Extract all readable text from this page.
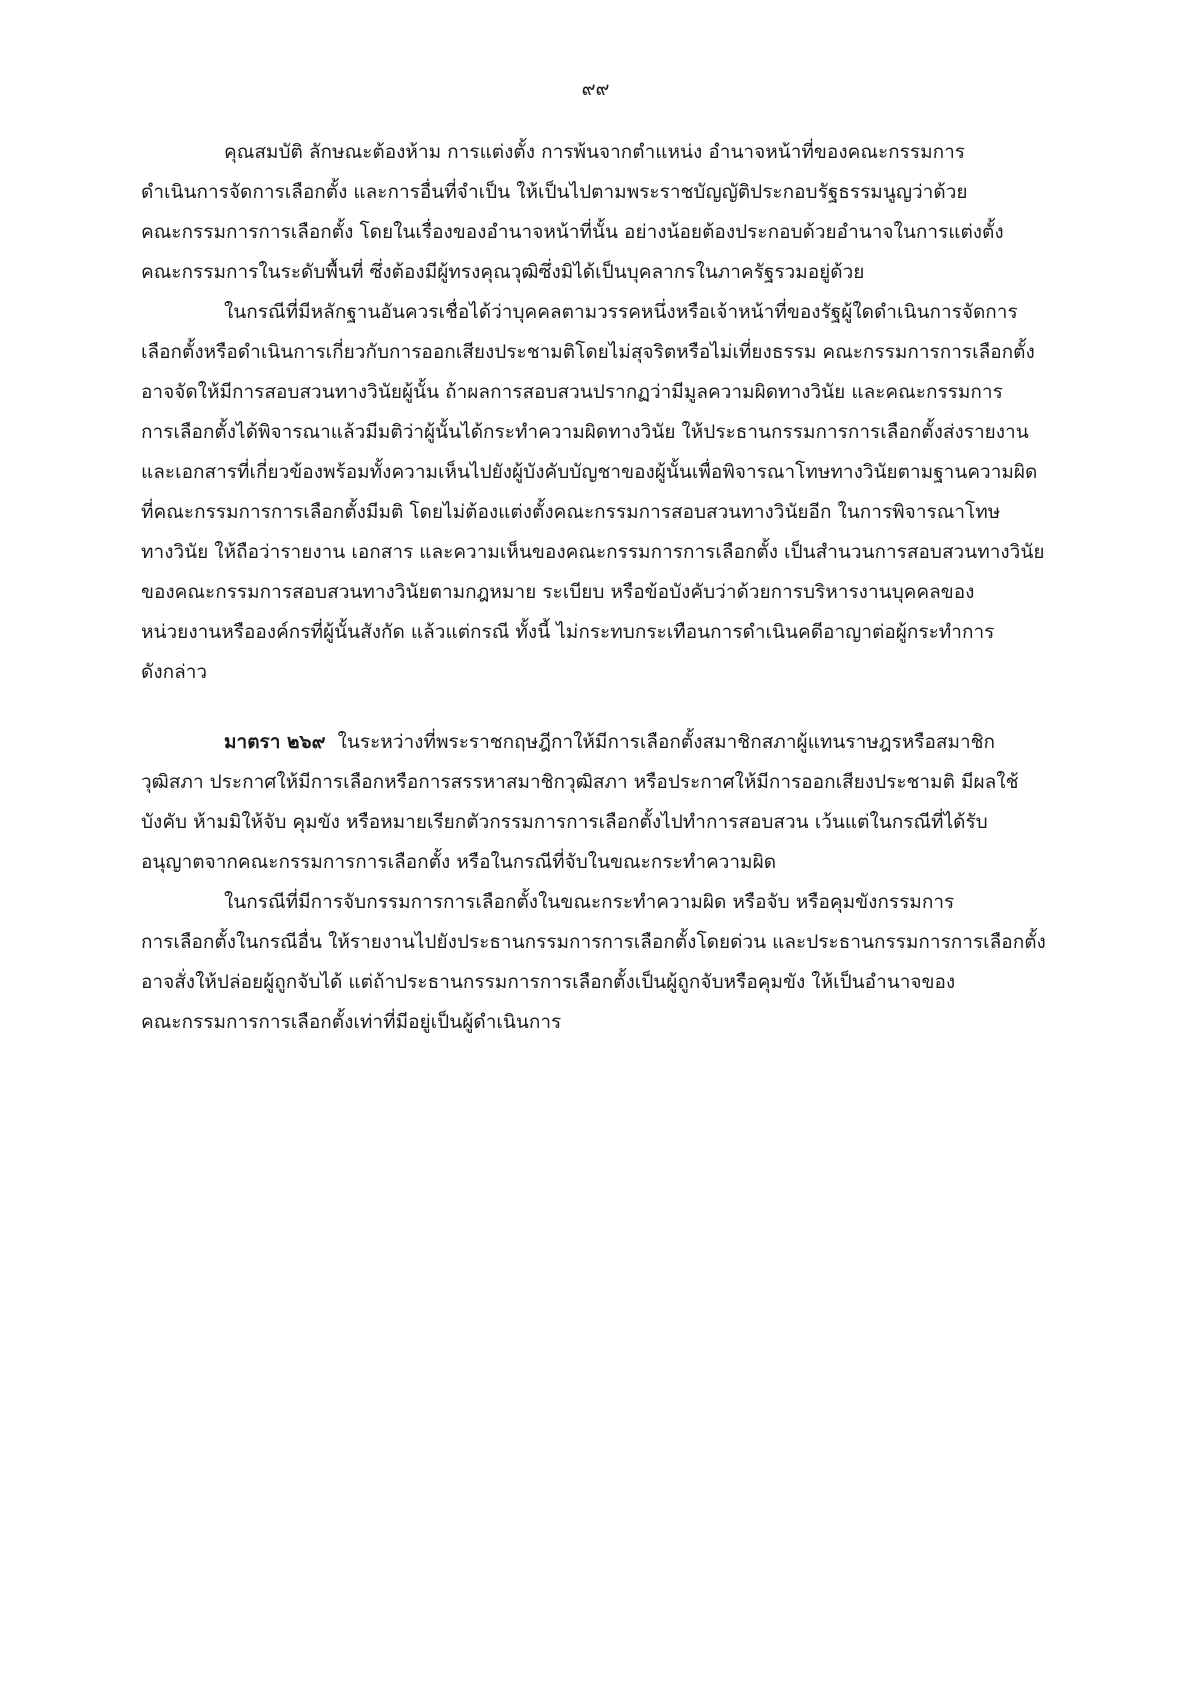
๙๙
คุณสมบัติ ลักษณะต้องห้าม การแต่งตั้ง การพ้นจากตำแหน่ง อำนาจหน้าที่ของคณะกรรมการ
ดำเนินการจัดการเลือกตั้ง และการอื่นที่จำเป็น ให้เป็นไปตามพระราชบัญญัติประกอบรัฐธรรมนูญว่าด้วย
คณะกรรมการการเลือกตั้ง โดยในเรื่องของอำนาจหน้าที่นั้น อย่างน้อยต้องประกอบด้วยอำนาจในการแต่งตั้ง
คณะกรรมการในระดับพื้นที่ ซึ่งต้องมีผู้ทรงคุณวุฒิซึ่งมิได้เป็นบุคลากรในภาครัฐรวมอยู่ด้วย
ในกรณีที่มีหลักฐานอันควรเชื่อได้ว่าบุคคลตามวรรคหนึ่งหรือเจ้าหน้าที่ของรัฐผู้ใดดำเนินการจัดการ
เลือกตั้งหรือดำเนินการเกี่ยวกับการออกเสียงประชามติโดยไม่สุจริตหรือไม่เที่ยงธรรม คณะกรรมการการเลือกตั้ง
อาจจัดให้มีการสอบสวนทางวินัยผู้นั้น ถ้าผลการสอบสวนปรากฏว่ามีมูลความผิดทางวินัย และคณะกรรมการ
การเลือกตั้งได้พิจารณาแล้วมีมติว่าผู้นั้นได้กระทำความผิดทางวินัย ให้ประธานกรรมการการเลือกตั้งส่งรายงาน
และเอกสารที่เกี่ยวข้องพร้อมทั้งความเห็นไปยังผู้บังคับบัญชาของผู้นั้นเพื่อพิจารณาโทษทางวินัยตามฐานความผิด
ที่คณะกรรมการการเลือกตั้งมีมติ โดยไม่ต้องแต่งตั้งคณะกรรมการสอบสวนทางวินัยอีก ในการพิจารณาโทษ
ทางวินัย ให้ถือว่ารายงาน เอกสาร และความเห็นของคณะกรรมการการเลือกตั้ง เป็นสำนวนการสอบสวนทางวินัย
ของคณะกรรมการสอบสวนทางวินัยตามกฎหมาย ระเบียบ หรือข้อบังคับว่าด้วยการบริหารงานบุคคลของ
หน่วยงานหรือองค์กรที่ผู้นั้นสังกัด แล้วแต่กรณี ทั้งนี้ ไม่กระทบกระเทือนการดำเนินคดีอาญาต่อผู้กระทำการ
ดังกล่าว
มาตรา ๒๖๙ ในระหว่างที่พระราชกฤษฎีกาให้มีการเลือกตั้งสมาชิกสภาผู้แทนราษฎรหรือสมาชิก
วุฒิสภา ประกาศให้มีการเลือกหรือการสรรหาสมาชิกวุฒิสภา หรือประกาศให้มีการออกเสียงประชามติ มีผลใช้
บังคับ ห้ามมิให้จับ คุมขัง หรือหมายเรียกตัวกรรมการการเลือกตั้งไปทำการสอบสวน เว้นแต่ในกรณีที่ได้รับ
อนุญาตจากคณะกรรมการการเลือกตั้ง หรือในกรณีที่จับในขณะกระทำความผิด
ในกรณีที่มีการจับกรรมการการเลือกตั้งในขณะกระทำความผิด หรือจับ หรือคุมขังกรรมการ
การเลือกตั้งในกรณีอื่น ให้รายงานไปยังประธานกรรมการการเลือกตั้งโดยด่วน และประธานกรรมการการเลือกตั้ง
อาจสั่งให้ปล่อยผู้ถูกจับได้ แต่ถ้าประธานกรรมการการเลือกตั้งเป็นผู้ถูกจับหรือคุมขัง ให้เป็นอำนาจของ
คณะกรรมการการเลือกตั้งเท่าที่มีอยู่เป็นผู้ดำเนินการ
